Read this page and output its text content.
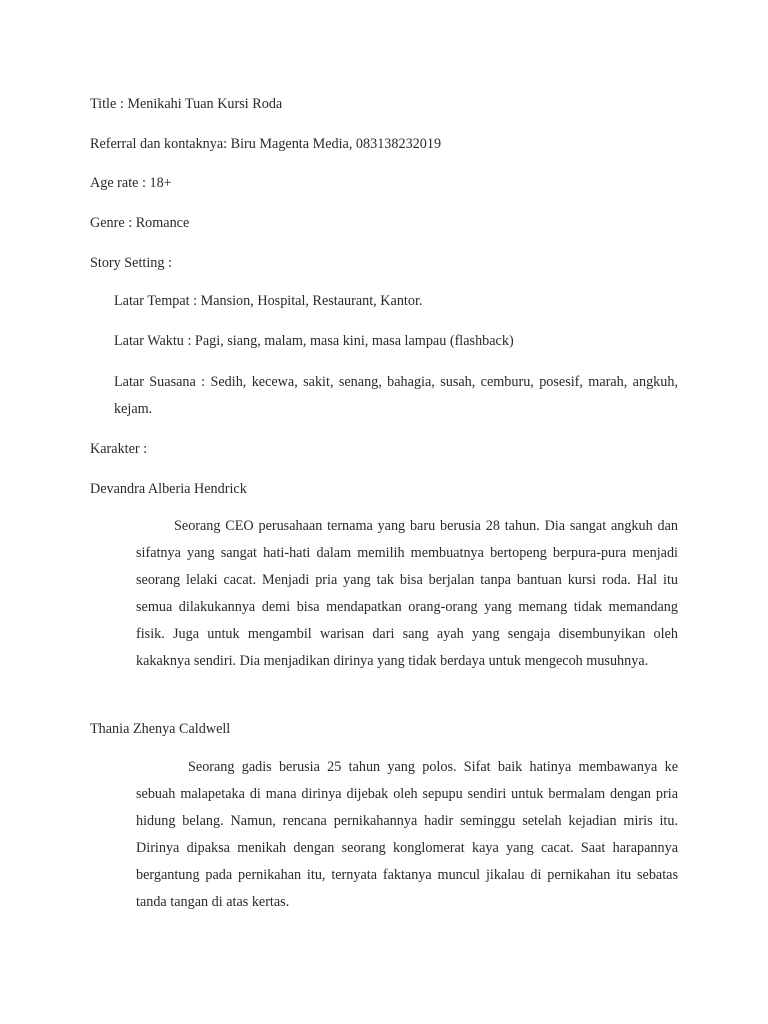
Title : Menikahi Tuan Kursi Roda

Referral dan kontaknya: Biru Magenta Media, 083138232019

Age rate : 18+

Genre : Romance

Story Setting :

Latar Tempat : Mansion, Hospital, Restaurant, Kantor.

Latar Waktu : Pagi, siang, malam, masa kini, masa lampau (flashback)

Latar Suasana : Sedih, kecewa, sakit, senang, bahagia, susah, cemburu, posesif, marah, angkuh, kejam.

Karakter :

Devandra Alberia Hendrick

Seorang CEO perusahaan ternama yang baru berusia 28 tahun. Dia sangat angkuh dan sifatnya yang sangat hati-hati dalam memilih membuatnya bertopeng berpura-pura menjadi seorang lelaki cacat. Menjadi pria yang tak bisa berjalan tanpa bantuan kursi roda. Hal itu semua dilakukannya demi bisa mendapatkan orang-orang yang memang tidak memandang fisik. Juga untuk mengambil warisan dari sang ayah yang sengaja disembunyikan oleh kakaknya sendiri. Dia menjadikan dirinya yang tidak berdaya untuk mengecoh musuhnya.

Thania Zhenya Caldwell

Seorang gadis berusia 25 tahun yang polos. Sifat baik hatinya membawanya ke sebuah malapetaka di mana dirinya dijebak oleh sepupu sendiri untuk bermalam dengan pria hidung belang. Namun, rencana pernikahannya hadir seminggu setelah kejadian miris itu. Dirinya dipaksa menikah dengan seorang konglomerat kaya yang cacat. Saat harapannya bergantung pada pernikahan itu, ternyata faktanya muncul jikalau di pernikahan itu sebatas tanda tangan di atas kertas.
